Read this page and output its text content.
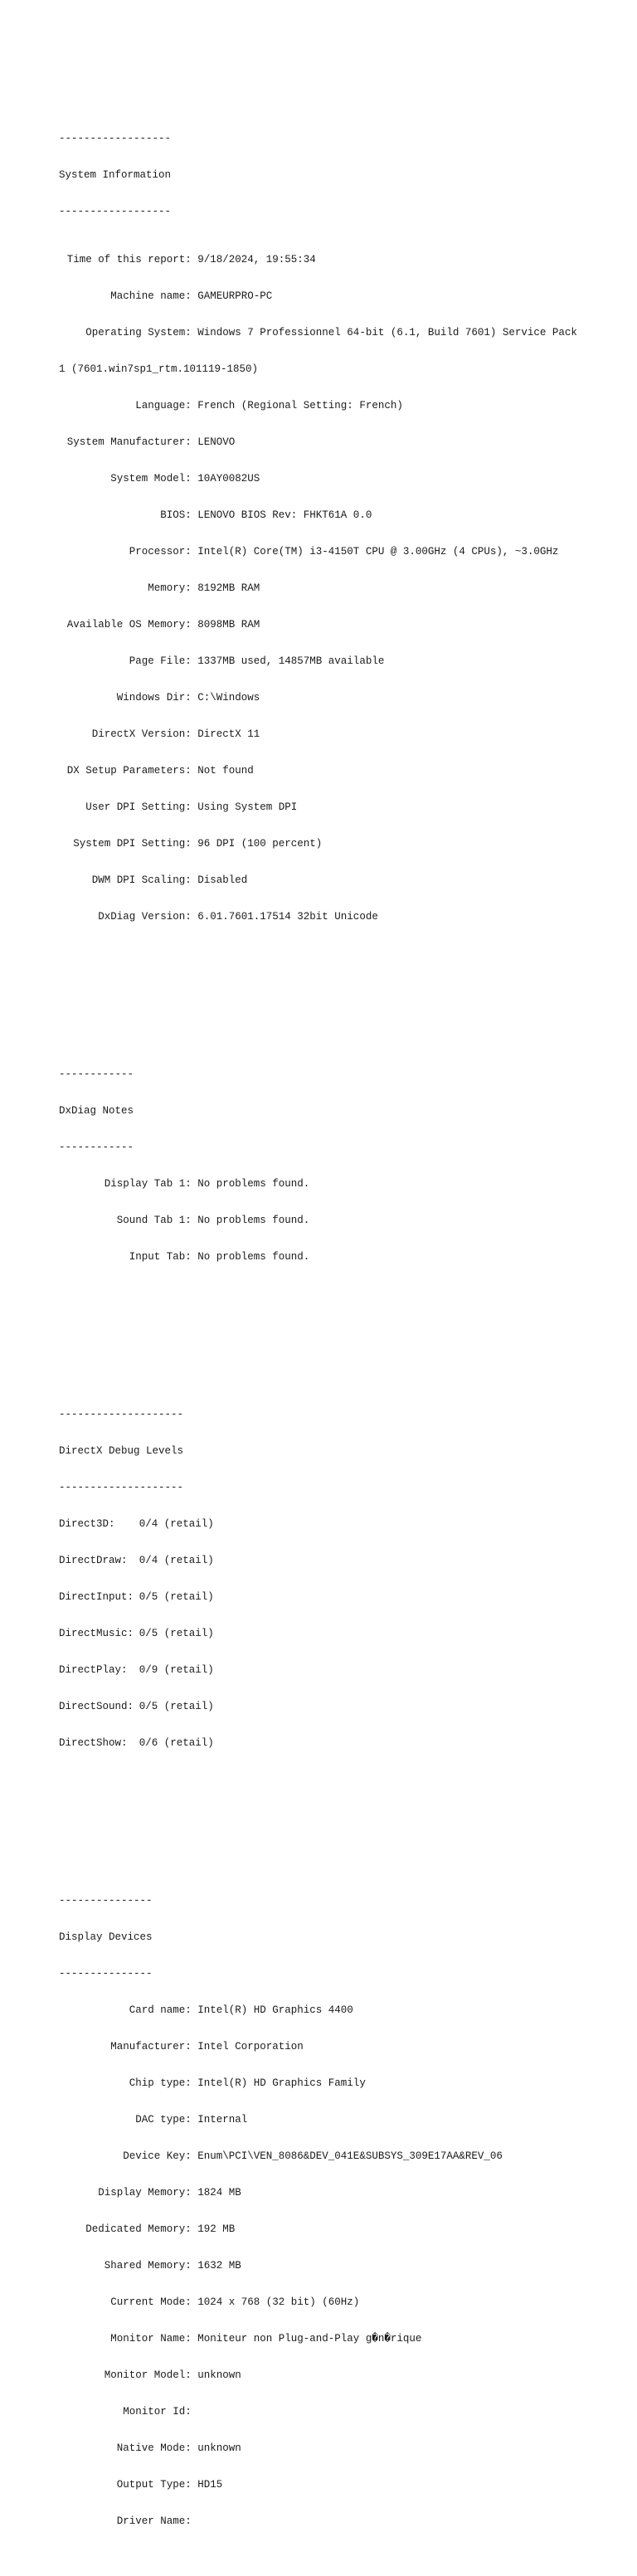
------------------

System Information

------------------

Time of this report: 9/18/2024, 19:55:34

Machine name: GAMEURPRO-PC

Operating System: Windows 7 Professionnel 64-bit (6.1, Build 7601) Service Pack

1 (7601.win7sp1_rtm.101119-1850)

Language: French (Regional Setting: French)

System Manufacturer: LENOVO

System Model: 10AY0082US

BIOS: LENOVO BIOS Rev: FHKT61A 0.0

Processor: Intel(R) Core(TM) i3-4150T CPU @ 3.00GHz (4 CPUs), ~3.0GHz

Memory: 8192MB RAM

Available OS Memory: 8098MB RAM

Page File: 1337MB used, 14857MB available

Windows Dir: C:\Windows

DirectX Version: DirectX 11

DX Setup Parameters: Not found

User DPI Setting: Using System DPI

System DPI Setting: 96 DPI (100 percent)

DWM DPI Scaling: Disabled

DxDiag Version: 6.01.7601.17514 32bit Unicode

------------

DxDiag Notes

------------

Display Tab 1: No problems found.

Sound Tab 1: No problems found.

Input Tab: No problems found.

--------------------

DirectX Debug Levels

--------------------

Direct3D: 0/4 (retail)

DirectDraw: 0/4 (retail)

DirectInput: 0/5 (retail)

DirectMusic: 0/5 (retail)

DirectPlay: 0/9 (retail)

DirectSound: 0/5 (retail)

DirectShow: 0/6 (retail)

---------------

Display Devices

---------------

Card name: Intel(R) HD Graphics 4400

Manufacturer: Intel Corporation

Chip type: Intel(R) HD Graphics Family

DAC type: Internal

Device Key: Enum\PCI\VEN_8086&DEV_041E&SUBSYS_309E17AA&REV_06

Display Memory: 1824 MB

Dedicated Memory: 192 MB

Shared Memory: 1632 MB

Current Mode: 1024 x 768 (32 bit) (60Hz)

Monitor Name: Moniteur non Plug-and-Play g�n�rique

Monitor Model: unknown

Monitor Id:

Native Mode: unknown

Output Type: HD15

Driver Name:
